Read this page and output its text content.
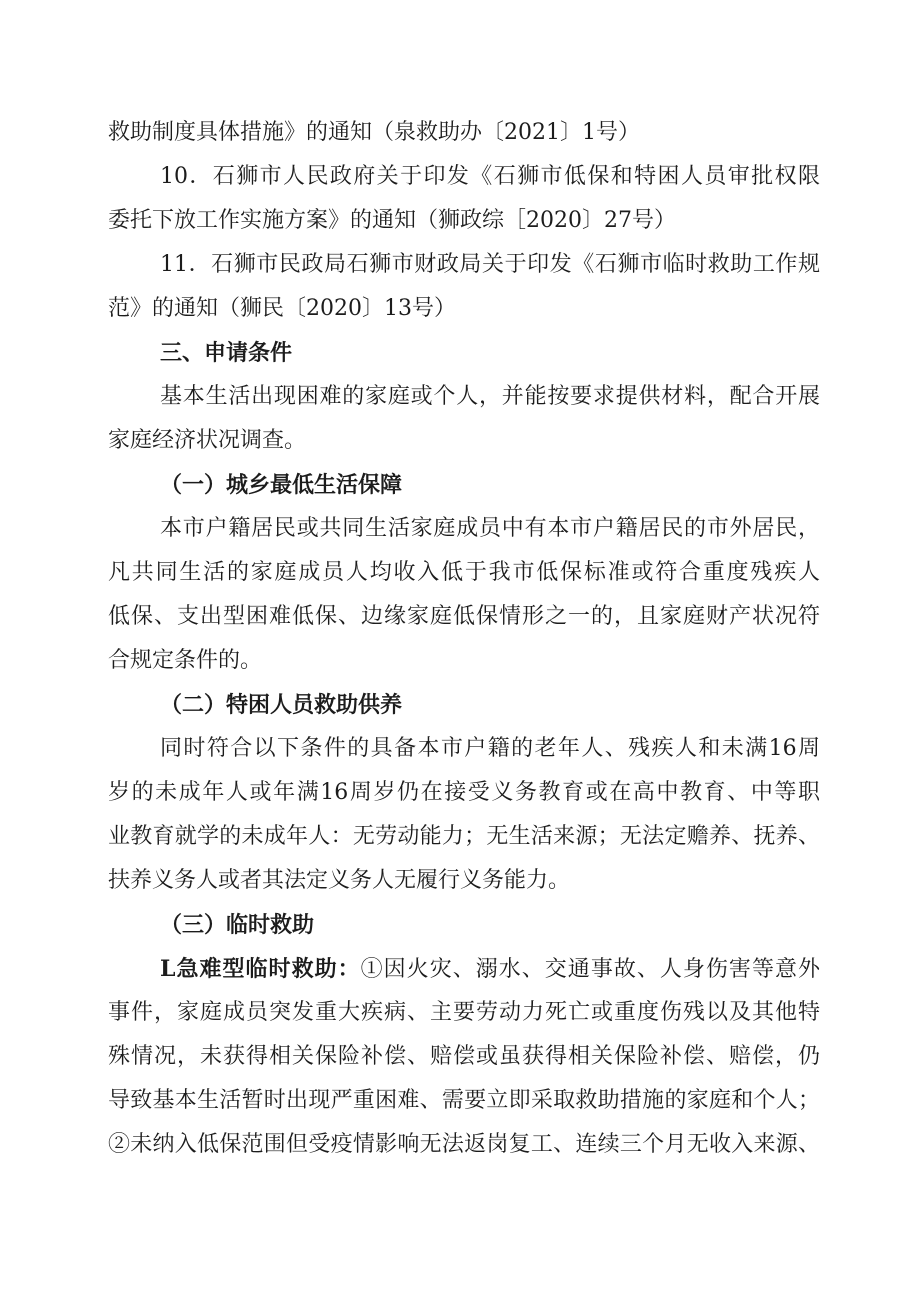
救助制度具体措施》的通知（泉救助办〔2021〕1号）
10．石狮市人民政府关于印发《石狮市低保和特困人员审批权限
委托下放工作实施方案》的通知（狮政综［2020〕27号）
11．石狮市民政局石狮市财政局关于印发《石狮市临时救助工作规
范》的通知（狮民〔2020〕13号）
三、申请条件
基本生活出现困难的家庭或个人，并能按要求提供材料，配合开展
家庭经济状况调查。
（一）城乡最低生活保障
本市户籍居民或共同生活家庭成员中有本市户籍居民的市外居民，
凡共同生活的家庭成员人均收入低于我市低保标准或符合重度残疾人
低保、支出型困难低保、边缘家庭低保情形之一的，且家庭财产状况符
合规定条件的。
（二）特困人员救助供养
同时符合以下条件的具备本市户籍的老年人、残疾人和未满16周
岁的未成年人或年满16周岁仍在接受义务教育或在高中教育、中等职
业教育就学的未成年人：无劳动能力；无生活来源；无法定赡养、抚养、
扶养义务人或者其法定义务人无履行义务能力。
（三）临时救助
L急难型临时救助：①因火灾、溺水、交通事故、人身伤害等意外
事件，家庭成员突发重大疾病、主要劳动力死亡或重度伤残以及其他特
殊情况，未获得相关保险补偿、赔偿或虽获得相关保险补偿、赔偿，仍
导致基本生活暂时出现严重困难、需要立即采取救助措施的家庭和个人；
②未纳入低保范围但受疫情影响无法返岗复工、连续三个月无收入来源、
